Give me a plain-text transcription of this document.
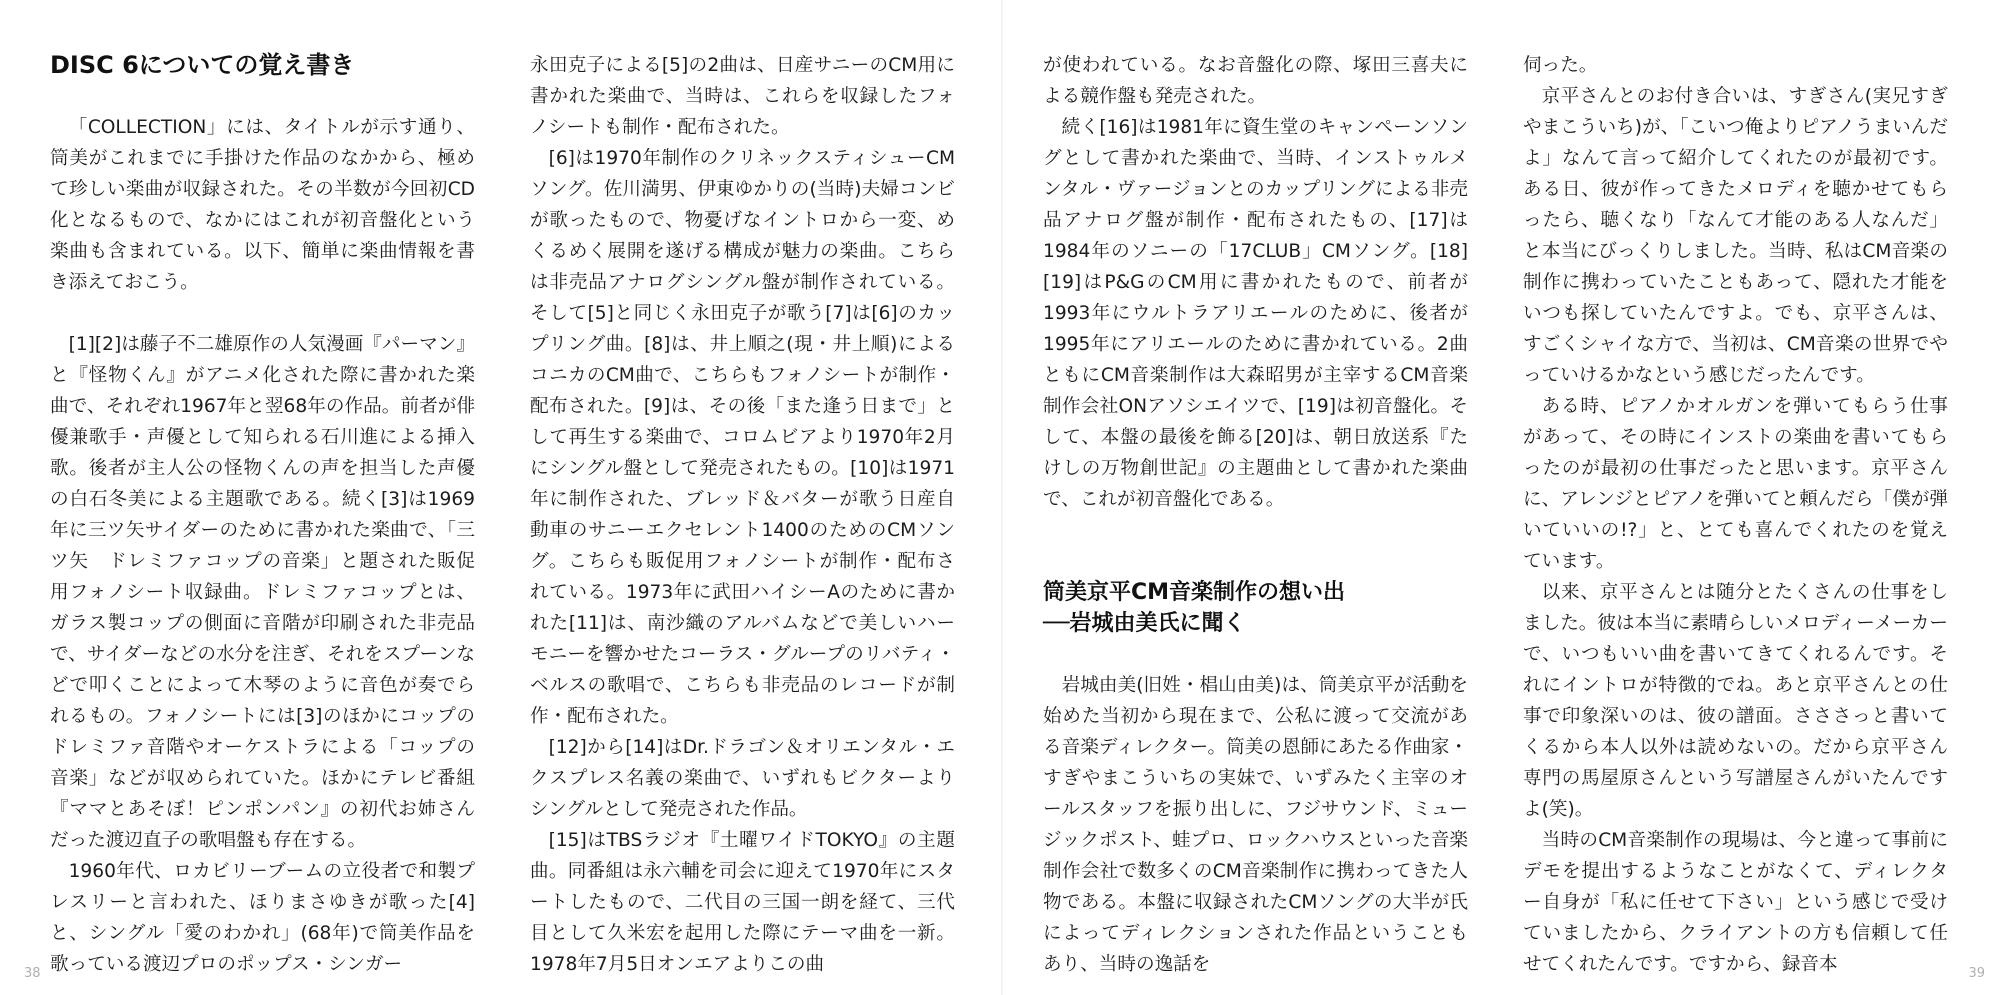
DISC 6についての覚え書き

「COLLECTION」には、タイトルが示す通り、筒美がこれまでに手掛けた作品のなかから、極めて珍しい楽曲が収録された。その半数が今回初CD化となるもので、なかにはこれが初音盤化という楽曲も含まれている。以下、簡単に楽曲情報を書き添えておこう。

[1][2]は藤子不二雄原作の人気漫画『パーマン』と『怪物くん』がアニメ化された際に書かれた楽曲で、それぞれ1967年と翌68年の作品。前者が俳優兼歌手・声優として知られる石川進による挿入歌。後者が主人公の怪物くんの声を担当した声優の白石冬美による主題歌である。続く[3]は1969年に三ツ矢サイダーのために書かれた楽曲で、「三ツ矢　ドレミファコップの音楽」と題された販促用フォノシート収録曲。ドレミファコップとは、ガラス製コップの側面に音階が印刷された非売品で、サイダーなどの水分を注ぎ、それをスプーンなどで叩くことによって木琴のように音色が奏でられるもの。フォノシートには[3]のほかにコップのドレミファ音階やオーケストラによる「コップの音楽」などが収められていた。ほかにテレビ番組『ママとあそぼ！ピンポンパン』の初代お姉さんだった渡辺直子の歌唱盤も存在する。

1960年代、ロカビリーブームの立役者で和製プレスリーと言われた、ほりまさゆきが歌った[4]と、シングル「愛のわかれ」(68年)で筒美作品を歌っている渡辺プロのポップス・シンガー

永田克子による[5]の2曲は、日産サニーのCM用に書かれた楽曲で、当時は、これらを収録したフォノシートも制作・配布された。

[6]は1970年制作のクリネックスティシューCMソング。佐川満男、伊東ゆかりの(当時)夫婦コンビが歌ったもので、物憂げなイントロから一変、めくるめく展開を遂げる構成が魅力の楽曲。こちらは非売品アナログシングル盤が制作されている。そして[5]と同じく永田克子が歌う[7]は[6]のカップリング曲。[8]は、井上順之(現・井上順)によるコニカのCM曲で、こちらもフォノシートが制作・配布された。[9]は、その後「また逢う日まで」として再生する楽曲で、コロムビアより1970年2月にシングル盤として発売されたもの。[10]は1971年に制作された、ブレッド＆バターが歌う日産自動車のサニーエクセレント1400のためのCMソング。こちらも販促用フォノシートが制作・配布されている。1973年に武田ハイシーAのために書かれた[11]は、南沙織のアルバムなどで美しいハーモニーを響かせたコーラス・グループのリバティ・ベルスの歌唱で、こちらも非売品のレコードが制作・配布された。

[12]から[14]はDr.ドラゴン＆オリエンタル・エクスプレス名義の楽曲で、いずれもビクターよりシングルとして発売された作品。

[15]はTBSラジオ『土曜ワイドTOKYO』の主題曲。同番組は永六輔を司会に迎えて1970年にスタートしたもので、二代目の三国一朗を経て、三代目として久米宏を起用した際にテーマ曲を一新。1978年7月5日オンエアよりこの曲

38

が使われている。なお音盤化の際、塚田三喜夫による競作盤も発売された。

続く[16]は1981年に資生堂のキャンペーンソングとして書かれた楽曲で、当時、インストゥルメンタル・ヴァージョンとのカップリングによる非売品アナログ盤が制作・配布されたもの、[17]は1984年のソニーの「17CLUB」CMソング。[18][19]はP&GのCM用に書かれたもので、前者が1993年にウルトラアリエールのために、後者が1995年にアリエールのために書かれている。2曲ともにCM音楽制作は大森昭男が主宰するCM音楽制作会社ONアソシエイツで、[19]は初音盤化。そして、本盤の最後を飾る[20]は、朝日放送系『たけしの万物創世記』の主題曲として書かれた楽曲で、これが初音盤化である。

筒美京平CM音楽制作の想い出
──岩城由美氏に聞く

岩城由美(旧姓・椙山由美)は、筒美京平が活動を始めた当初から現在まで、公私に渡って交流がある音楽ディレクター。筒美の恩師にあたる作曲家・すぎやまこういちの実妹で、いずみたく主宰のオールスタッフを振り出しに、フジサウンド、ミュージックポスト、蛙プロ、ロックハウスといった音楽制作会社で数多くのCM音楽制作に携わってきた人物である。本盤に収録されたCMソングの大半が氏によってディレクションされた作品ということもあり、当時の逸話を

伺った。

京平さんとのお付き合いは、すぎさん(実兄すぎやまこういち)が、「こいつ俺よりピアノうまいんだよ」なんて言って紹介してくれたのが最初です。ある日、彼が作ってきたメロディを聴かせてもらったら、聴くなり「なんて才能のある人なんだ」と本当にびっくりしました。当時、私はCM音楽の制作に携わっていたこともあって、隠れた才能をいつも探していたんですよ。でも、京平さんは、すごくシャイな方で、当初は、CM音楽の世界でやっていけるかなという感じだったんです。

ある時、ピアノかオルガンを弾いてもらう仕事があって、その時にインストの楽曲を書いてもらったのが最初の仕事だったと思います。京平さんに、アレンジとピアノを弾いてと頼んだら「僕が弾いていいの!?」と、とても喜んでくれたのを覚えています。

以来、京平さんとは随分とたくさんの仕事をしました。彼は本当に素晴らしいメロディーメーカーで、いつもいい曲を書いてきてくれるんです。それにイントロが特徴的でね。あと京平さんとの仕事で印象深いのは、彼の譜面。さささっと書いてくるから本人以外は読めないの。だから京平さん専門の馬屋原さんという写譜屋さんがいたんですよ(笑)。

当時のCM音楽制作の現場は、今と違って事前にデモを提出するようなことがなくて、ディレクター自身が「私に任せて下さい」という感じで受けていましたから、クライアントの方も信頼して任せてくれたんです。ですから、録音本	39
